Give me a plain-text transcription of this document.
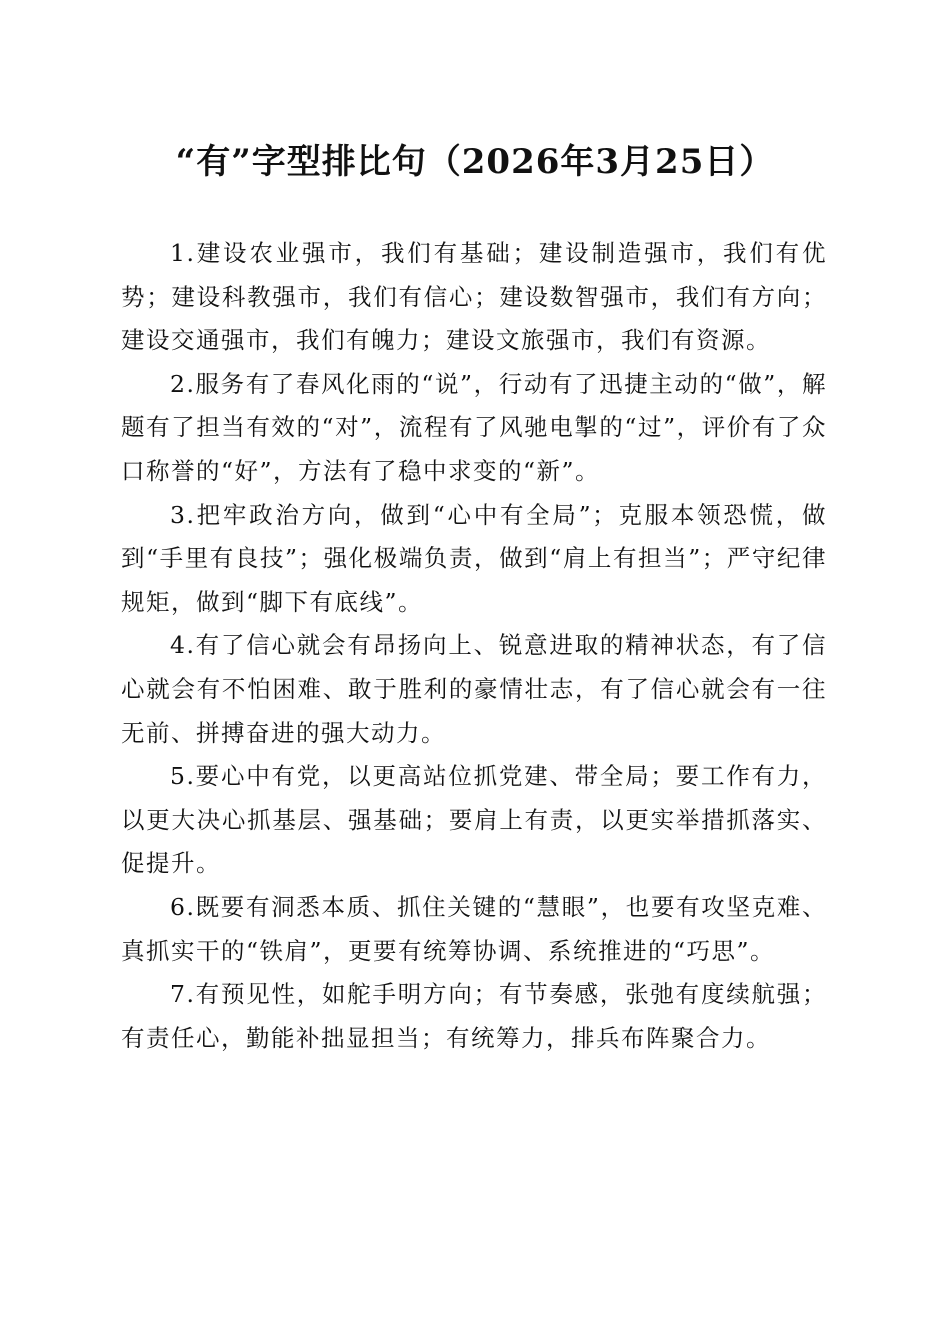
“有”字型排比句（2026年3月25日）

1.建设农业强市，我们有基础；建设制造强市，我们有优势；建设科教强市，我们有信心；建设数智强市，我们有方向；建设交通强市，我们有魄力；建设文旅强市，我们有资源。

2.服务有了春风化雨的“说”，行动有了迅捷主动的“做”，解题有了担当有效的“对”，流程有了风驰电掣的“过”，评价有了众口称誉的“好”，方法有了稳中求变的“新”。

3.把牢政治方向，做到“心中有全局”；克服本领恐慌，做到“手里有良技”；强化极端负责，做到“肩上有担当”；严守纪律规矩，做到“脚下有底线”。

4.有了信心就会有昂扬向上、锐意进取的精神状态，有了信心就会有不怕困难、敢于胜利的豪情壮志，有了信心就会有一往无前、拼搏奋进的强大动力。

5.要心中有党，以更高站位抓党建、带全局；要工作有力，以更大决心抓基层、强基础；要肩上有责，以更实举措抓落实、促提升。

6.既要有洞悉本质、抓住关键的“慧眼”，也要有攻坚克难、真抓实干的“铁肩”，更要有统筹协调、系统推进的“巧思”。

7.有预见性，如舵手明方向；有节奏感，张弛有度续航强；有责任心，勤能补拙显担当；有统筹力，排兵布阵聚合力。
